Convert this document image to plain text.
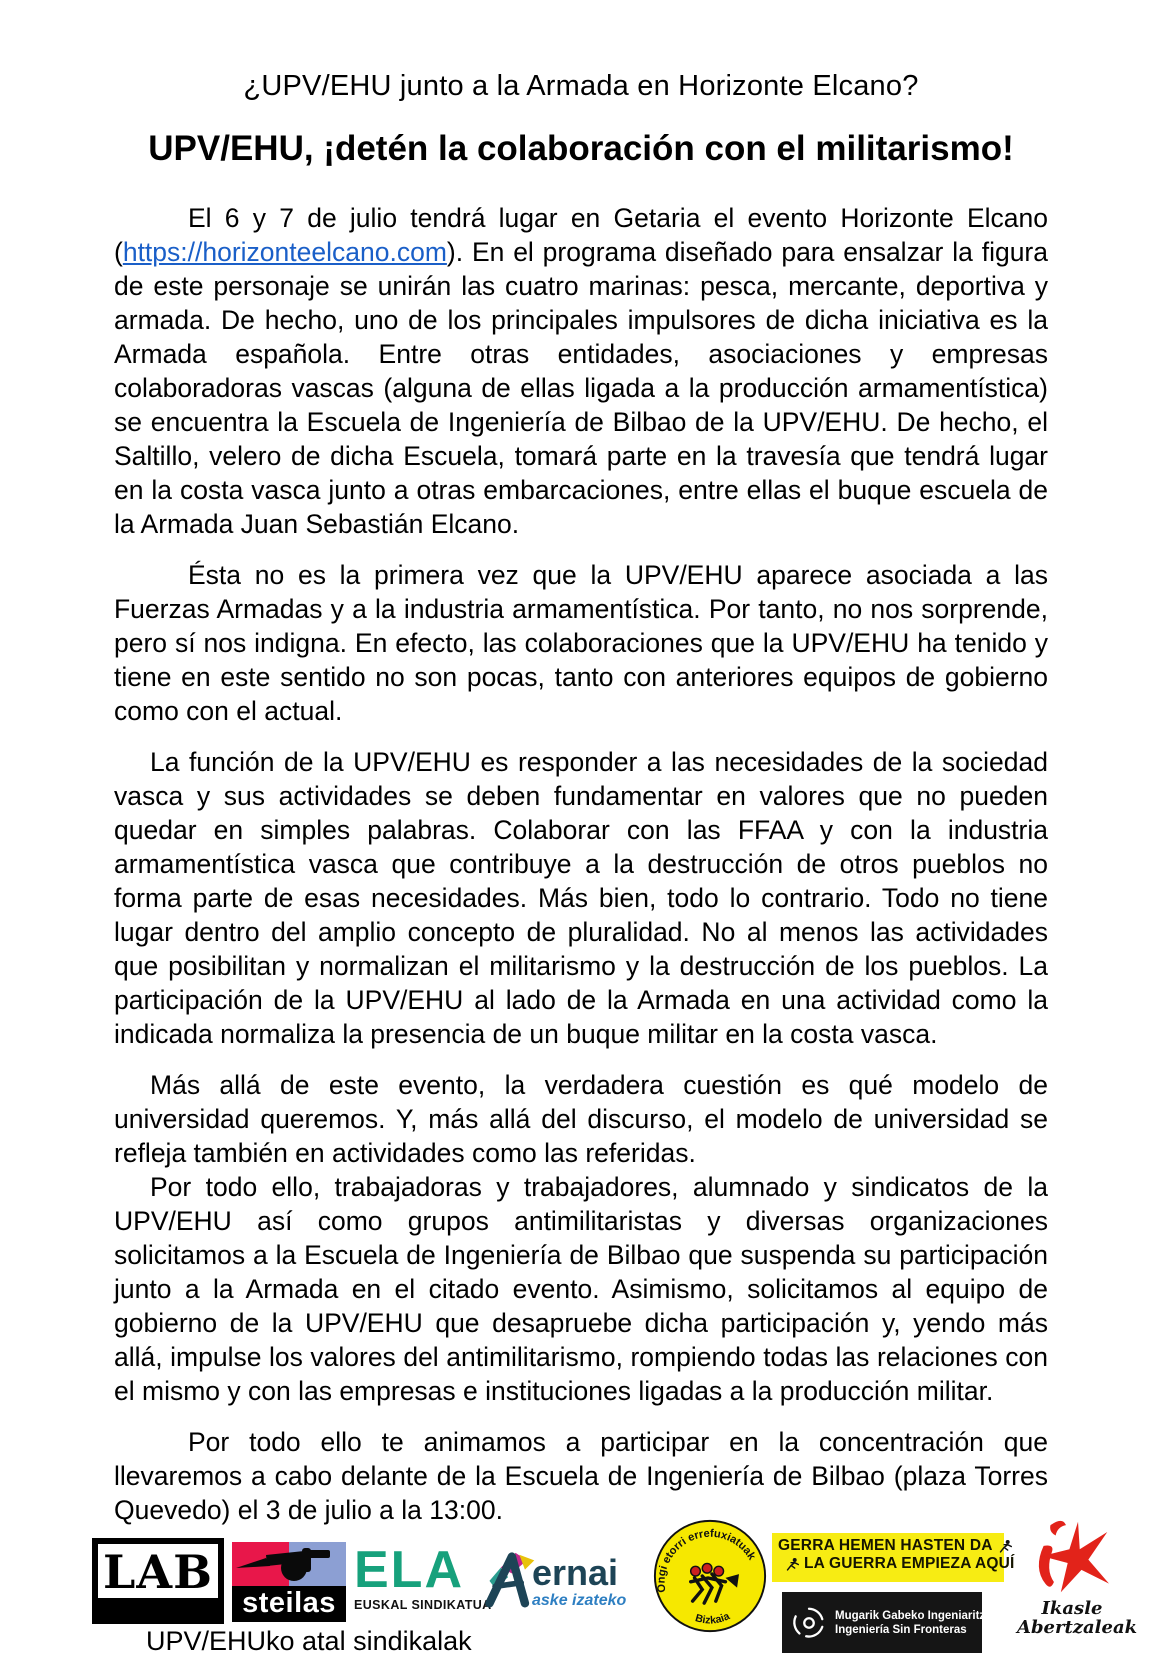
¿UPV/EHU junto a la Armada en Horizonte Elcano?
UPV/EHU, ¡detén la colaboración con el militarismo!

El 6 y 7 de julio tendrá lugar en Getaria el evento Horizonte Elcano (https://horizonteelcano.com). En el programa diseñado para ensalzar la figura de este personaje se unirán las cuatro marinas: pesca, mercante, deportiva y armada. De hecho, uno de los principales impulsores de dicha iniciativa es la Armada española. Entre otras entidades, asociaciones y empresas colaboradoras vascas (alguna de ellas ligada a la producción armamentística) se encuentra la Escuela de Ingeniería de Bilbao de la UPV/EHU. De hecho, el Saltillo, velero de dicha Escuela, tomará parte en la travesía que tendrá lugar en la costa vasca junto a otras embarcaciones, entre ellas el buque escuela de la Armada Juan Sebastián Elcano.

Ésta no es la primera vez que la UPV/EHU aparece asociada a las Fuerzas Armadas y a la industria armamentística. Por tanto, no nos sorprende, pero sí nos indigna. En efecto, las colaboraciones que la UPV/EHU ha tenido y tiene en este sentido no son pocas, tanto con anteriores equipos de gobierno como con el actual.

La función de la UPV/EHU es responder a las necesidades de la sociedad vasca y sus actividades se deben fundamentar en valores que no pueden quedar en simples palabras. Colaborar con las FFAA y con la industria armamentística vasca que contribuye a la destrucción de otros pueblos no forma parte de esas necesidades. Más bien, todo lo contrario. Todo no tiene lugar dentro del amplio concepto de pluralidad. No al menos las actividades que posibilitan y normalizan el militarismo y la destrucción de los pueblos. La participación de la UPV/EHU al lado de la Armada en una actividad como la indicada normaliza la presencia de un buque militar en la costa vasca.

Más allá de este evento, la verdadera cuestión es qué modelo de universidad queremos. Y, más allá del discurso, el modelo de universidad se refleja también en actividades como las referidas.

Por todo ello, trabajadoras y trabajadores, alumnado y sindicatos de la UPV/EHU así como grupos antimilitaristas y diversas organizaciones solicitamos a la Escuela de Ingeniería de Bilbao que suspenda su participación junto a la Armada en el citado evento. Asimismo, solicitamos al equipo de gobierno de la UPV/EHU que desapruebe dicha participación y, yendo más allá, impulse los valores del antimilitarismo, rompiendo todas las relaciones con el mismo y con las empresas e instituciones ligadas a la producción militar.

Por todo ello te animamos a participar en la concentración que llevaremos a cabo delante de la Escuela de Ingeniería de Bilbao (plaza Torres Quevedo) el 3 de julio a la 13:00.

LAB
steilas
ELA
EUSKAL SINDIKATUA
ernai
aske izateko
Ongi etorri errefuxiatuak
Bizkaia
GERRA HEMEN HASTEN DA
LA GUERRA EMPIEZA AQUÍ
Mugarik Gabeko Ingeniaritza
Ingeniería Sin Fronteras
Ikasle Abertzaleak
UPV/EHUko atal sindikalak
